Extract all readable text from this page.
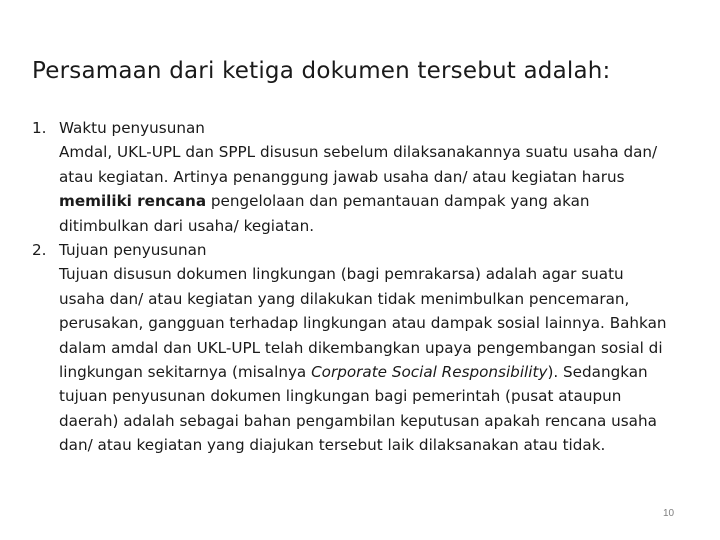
Persamaan dari ketiga dokumen tersebut adalah:
1. Waktu penyusunan
Amdal, UKL-UPL dan SPPL disusun sebelum dilaksanakannya suatu usaha dan/
atau kegiatan. Artinya penanggung jawab usaha dan/ atau kegiatan harus
memiliki rencana pengelolaan dan pemantauan dampak yang akan
ditimbulkan dari usaha/ kegiatan.
2. Tujuan penyusunan
Tujuan disusun dokumen lingkungan (bagi pemrakarsa) adalah agar suatu
usaha dan/ atau kegiatan yang dilakukan tidak menimbulkan pencemaran,
perusakan, gangguan terhadap lingkungan atau dampak sosial lainnya. Bahkan
dalam amdal dan UKL-UPL telah dikembangkan upaya pengembangan sosial di
lingkungan sekitarnya (misalnya Corporate Social Responsibility). Sedangkan
tujuan penyusunan dokumen lingkungan bagi pemerintah (pusat ataupun
daerah) adalah sebagai bahan pengambilan keputusan apakah rencana usaha
dan/ atau kegiatan yang diajukan tersebut laik dilaksanakan atau tidak.
10
